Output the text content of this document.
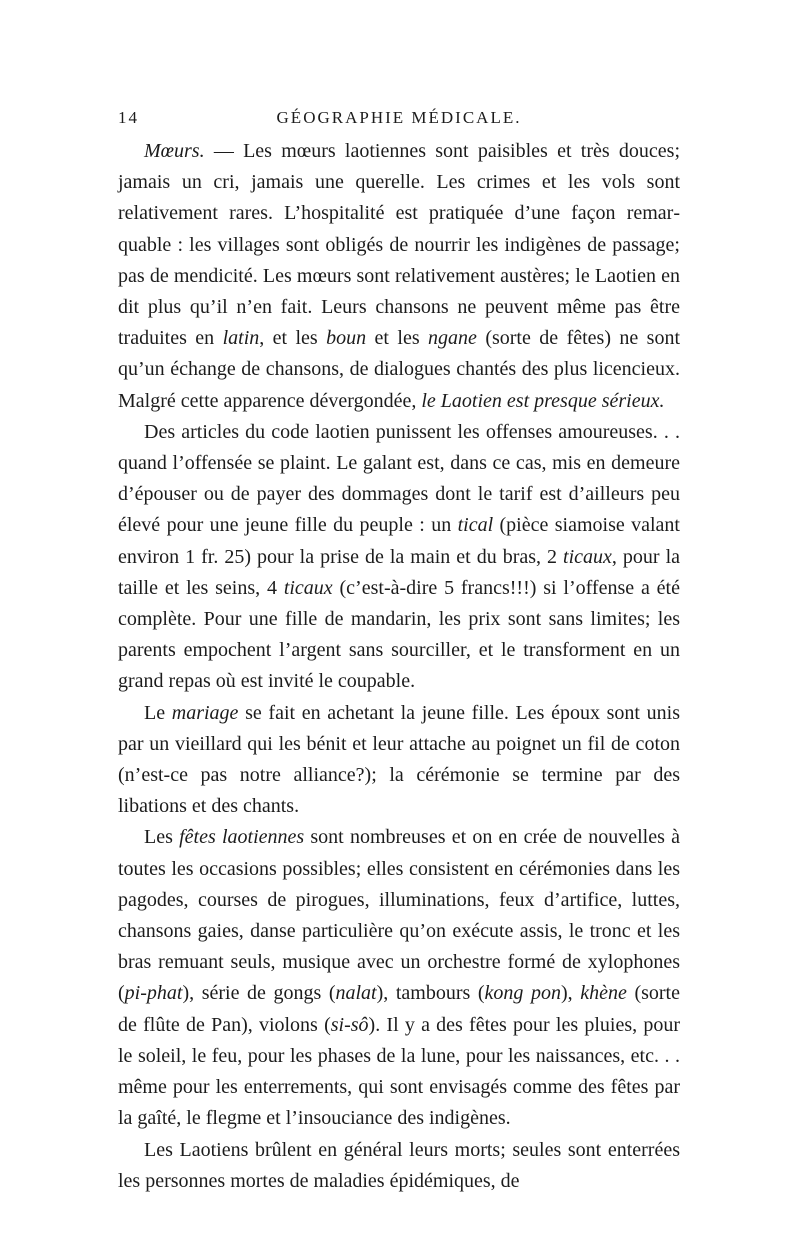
14	GÉOGRAPHIE MÉDICALE.

Mœurs. — Les mœurs laotiennes sont paisibles et très douces; jamais un cri, jamais une querelle. Les crimes et les vols sont relativement rares. L’hospitalité est pratiquée d’une façon remarquable : les villages sont obligés de nourrir les indigènes de passage; pas de mendicité. Les mœurs sont relativement austères; le Laotien en dit plus qu’il n’en fait. Leurs chansons ne peuvent même pas être traduites en latin, et les boun et les ngane (sorte de fêtes) ne sont qu’un échange de chansons, de dialogues chantés des plus licencieux. Malgré cette apparence dévergondée, le Laotien est presque sérieux.

Des articles du code laotien punissent les offenses amoureuses. . . quand l’offensée se plaint. Le galant est, dans ce cas, mis en demeure d’épouser ou de payer des dommages dont le tarif est d’ailleurs peu élevé pour une jeune fille du peuple : un tical (pièce siamoise valant environ 1 fr. 25) pour la prise de la main et du bras, 2 ticaux, pour la taille et les seins, 4 ticaux (c’est-à-dire 5 francs!!!) si l’offense a été complète. Pour une fille de mandarin, les prix sont sans limites; les parents empochent l’argent sans sourciller, et le transforment en un grand repas où est invité le coupable.

Le mariage se fait en achetant la jeune fille. Les époux sont unis par un vieillard qui les bénit et leur attache au poignet un fil de coton (n’est-ce pas notre alliance?); la cérémonie se termine par des libations et des chants.

Les fêtes laotiennes sont nombreuses et on en crée de nouvelles à toutes les occasions possibles; elles consistent en cérémonies dans les pagodes, courses de pirogues, illuminations, feux d’artifice, luttes, chansons gaies, danse particulière qu’on exécute assis, le tronc et les bras remuant seuls, musique avec un orchestre formé de xylophones (pi-phat), série de gongs (nalat), tambours (kong pon), khène (sorte de flûte de Pan), violons (si-sô). Il y a des fêtes pour les pluies, pour le soleil, le feu, pour les phases de la lune, pour les naissances, etc. . . même pour les enterrements, qui sont envisagés comme des fêtes par la gaîté, le flegme et l’insouciance des indigènes.

Les Laotiens brûlent en général leurs morts; seules sont enterrées les personnes mortes de maladies épidémiques, de
